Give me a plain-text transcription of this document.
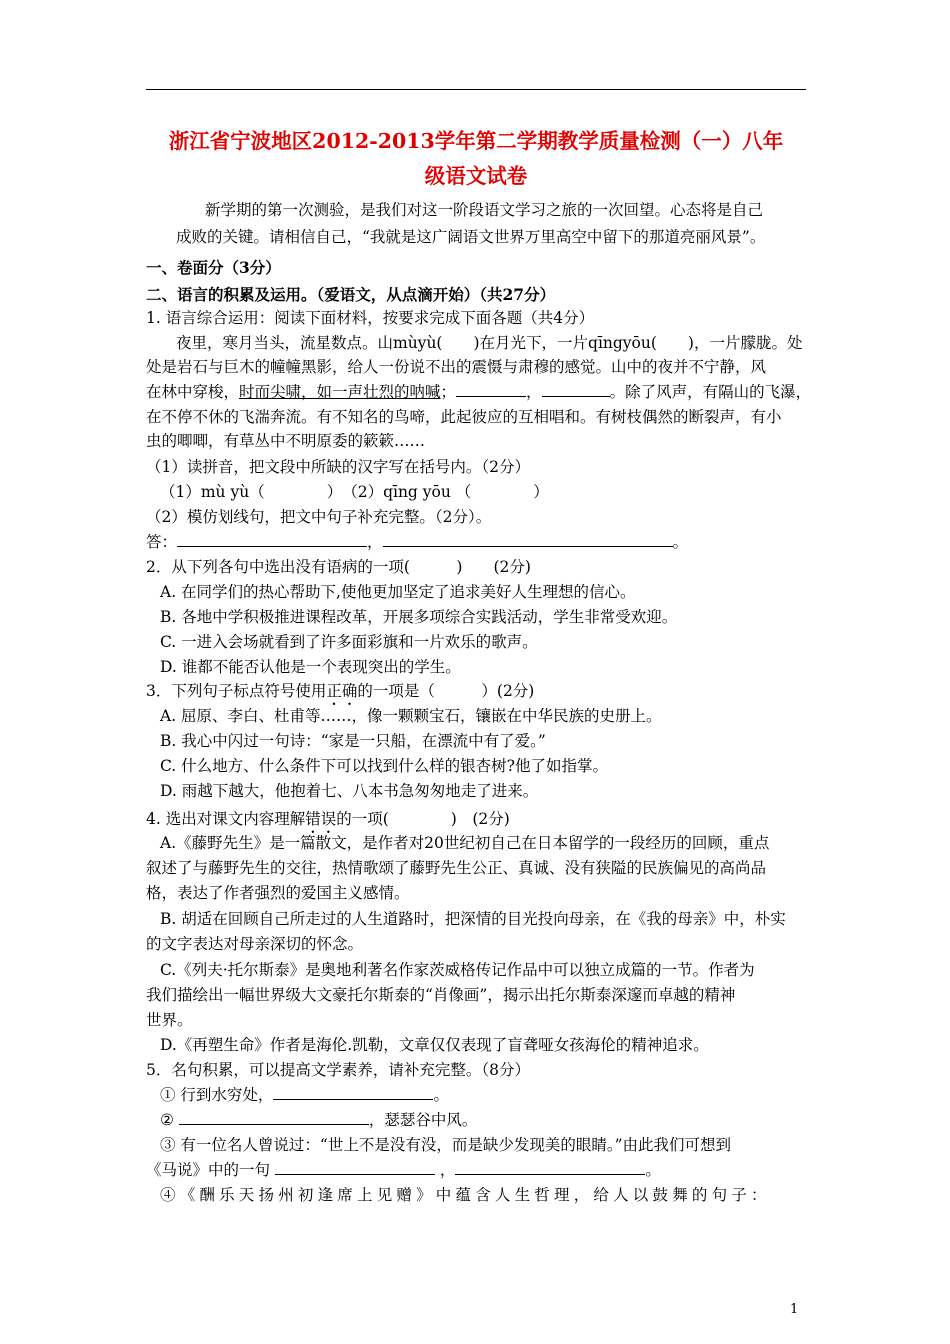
浙江省宁波地区2012-2013学年第二学期教学质量检测（一）八年
级语文试卷
新学期的第一次测验，是我们对这一阶段语文学习之旅的一次回望。心态将是自己
成败的关键。请相信自己，“我就是这广阔语文世界万里高空中留下的那道亮丽风景”。
一、卷面分（3分）
二、语言的积累及运用。（爱语文，从点滴开始）（共27分）
1. 语言综合运用：阅读下面材料，按要求完成下面各题（共4分）
夜里，寒月当头，流星数点。山mùyù(　　)在月光下，一片qīngyōu(　　)，一片朦胧。处
处是岩石与巨木的幢幢黑影，给人一份说不出的震慑与肃穆的感觉。山中的夜并不宁静，风
在林中穿梭，时而尖啸，如一声壮烈的呐喊；	，	。除了风声，有隔山的飞瀑，
在不停不休的飞湍奔流。有不知名的鸟啼，此起彼应的互相唱和。有树枝偶然的断裂声，有小
虫的唧唧，有草丛中不明原委的簌簌……
（1）读拼音，把文段中所缺的汉字写在括号内。（2分）
（1）mù yù（　　　　）　（2）qīng yōu （　　　　）
（2）模仿划线句，把文中句子补充完整。（2分）。
答：	，	。
2．从下列各句中选出没有语病的一项(　　　)　　(2分)
A. 在同学们的热心帮助下,使他更加坚定了追求美好人生理想的信心。
B. 各地中学积极推进课程改革，开展多项综合实践活动，学生非常受欢迎。
C. 一进入会场就看到了许多面彩旗和一片欢乐的歌声。
D. 谁都不能否认他是一个表现突出的学生。
3．下列句子标点符号使用正确的一项是（　　　）(2分)
A. 屈原、李白、杜甫等……，像一颗颗宝石，镶嵌在中华民族的史册上。
B. 我心中闪过一句诗：“家是一只船，在漂流中有了爱。”
C. 什么地方、什么条件下可以找到什么样的银杏树?他了如指掌。
D. 雨越下越大，他抱着七、八本书急匆匆地走了进来。
4. 选出对课文内容理解错误的一项(　　　　)　(2分)
A.《藤野先生》是一篇散文，是作者对20世纪初自己在日本留学的一段经历的回顾，重点
叙述了与藤野先生的交往，热情歌颂了藤野先生公正、真诚、没有狭隘的民族偏见的高尚品
格，表达了作者强烈的爱国主义感情。
B. 胡适在回顾自己所走过的人生道路时，把深情的目光投向母亲，在《我的母亲》中，朴实
的文字表达对母亲深切的怀念。
C.《列夫·托尔斯泰》是奥地利著名作家茨威格传记作品中可以独立成篇的一节。作者为
我们描绘出一幅世界级大文豪托尔斯泰的“肖像画”，揭示出托尔斯泰深邃而卓越的精神
世界。
D.《再塑生命》作者是海伦.凯勒，文章仅仅表现了盲聋哑女孩海伦的精神追求。
5．名句积累，可以提高文学素养，请补充完整。（8分）
① 行到水穷处，	。
②	，瑟瑟谷中风。
③ 有一位名人曾说过：“世上不是没有没，而是缺少发现美的眼睛。”由此我们可想到
《马说》中的一句	，	。
④《酬乐天扬州初逢席上见赠》中蕴含人生哲理，给人以鼓舞的句子：
1
